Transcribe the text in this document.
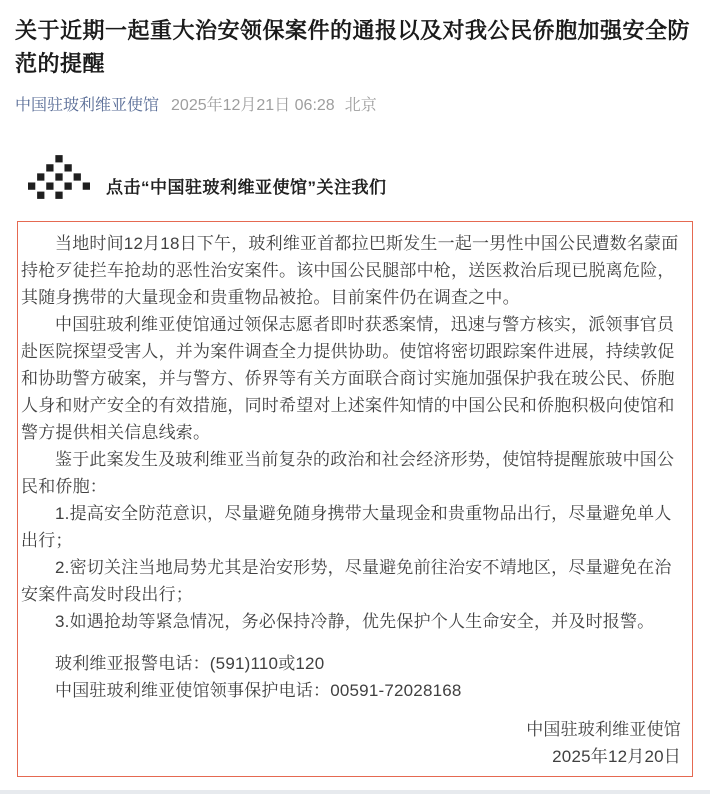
关于近期一起重大治安领保案件的通报以及对我公民侨胞加强安全防范的提醒
中国驻玻利维亚使馆 2025年12月21日 06:28 北京
点击“中国驻玻利维亚使馆”关注我们

当地时间12月18日下午，玻利维亚首都拉巴斯发生一起一男性中国公民遭数名蒙面持枪歹徒拦车抢劫的恶性治安案件。该中国公民腿部中枪，送医救治后现已脱离危险，其随身携带的大量现金和贵重物品被抢。目前案件仍在调查之中。

中国驻玻利维亚使馆通过领保志愿者即时获悉案情，迅速与警方核实，派领事官员赴医院探望受害人，并为案件调查全力提供协助。使馆将密切跟踪案件进展，持续敦促和协助警方破案，并与警方、侨界等有关方面联合商讨实施加强保护我在玻公民、侨胞人身和财产安全的有效措施，同时希望对上述案件知情的中国公民和侨胞积极向使馆和警方提供相关信息线索。

鉴于此案发生及玻利维亚当前复杂的政治和社会经济形势，使馆特提醒旅玻中国公民和侨胞：

1.提高安全防范意识，尽量避免随身携带大量现金和贵重物品出行，尽量避免单人出行；

2.密切关注当地局势尤其是治安形势，尽量避免前往治安不靖地区，尽量避免在治安案件高发时段出行；

3.如遇抢劫等紧急情况，务必保持冷静，优先保护个人生命安全，并及时报警。

玻利维亚报警电话：(591)110或120

中国驻玻利维亚使馆领事保护电话：00591-72028168

中国驻玻利维亚使馆

2025年12月20日
